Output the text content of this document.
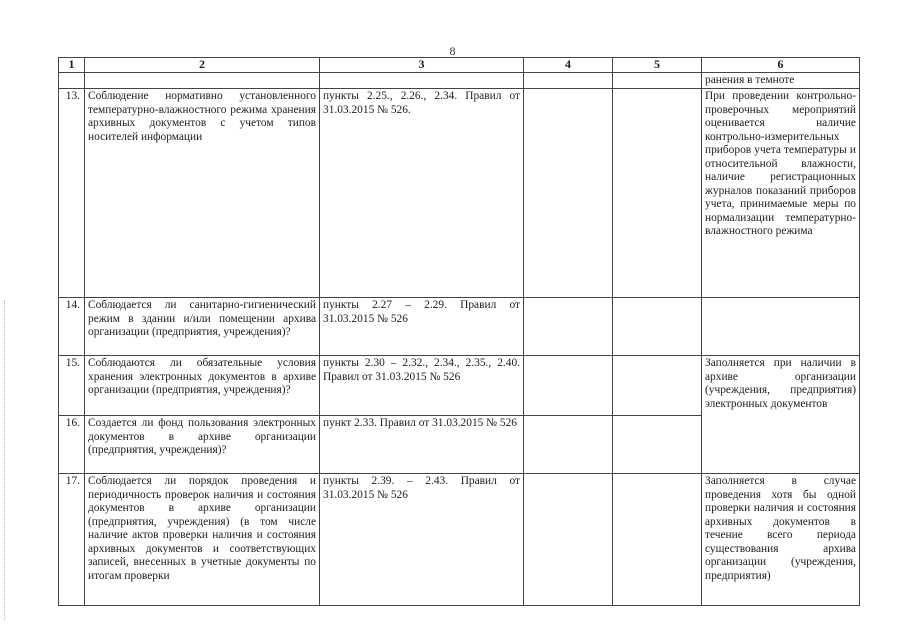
8
1	2	3	4	5	6
					ранения в темноте
13.	Соблюдение нормативно установленного температурно-влажностного режима хранения архивных документов с учетом типов носителей информации	пункты 2.25., 2.26., 2.34. Правил от 31.03.2015 № 526.			При проведении контрольно-проверочных мероприятий оценивается наличие контрольно-измерительных приборов учета температуры и относительной влажности, наличие регистрационных журналов показаний приборов учета, принимаемые меры по нормализации температурно-влажностного режима
14.	Соблюдается ли санитарно-гигиенический режим в здании и/или помещении архива организации (предприятия, учреждения)?	пункты 2.27 – 2.29. Правил от 31.03.2015 № 526			
15.	Соблюдаются ли обязательные условия хранения электронных документов в архиве организации (предприятия, учреждения)?	пункты 2.30 – 2.32., 2.34., 2.35., 2.40. Правил от 31.03.2015 № 526			Заполняется при наличии в архиве организации (учреждения, предприятия) электронных документов
16.	Создается ли фонд пользования электронных документов в архиве организации (предприятия, учреждения)?	пункт 2.33. Правил от 31.03.2015 № 526			
17.	Соблюдается ли порядок проведения и периодичность проверок наличия и состояния документов в архиве организации (предприятия, учреждения) (в том числе наличие актов проверки наличия и состояния архивных документов и соответствующих записей, внесенных в учетные документы по итогам проверки	пункты 2.39. – 2.43. Правил от 31.03.2015 № 526			Заполняется в случае проведения хотя бы одной проверки наличия и состояния архивных документов в течение всего периода существования архива организации (учреждения, предприятия)
